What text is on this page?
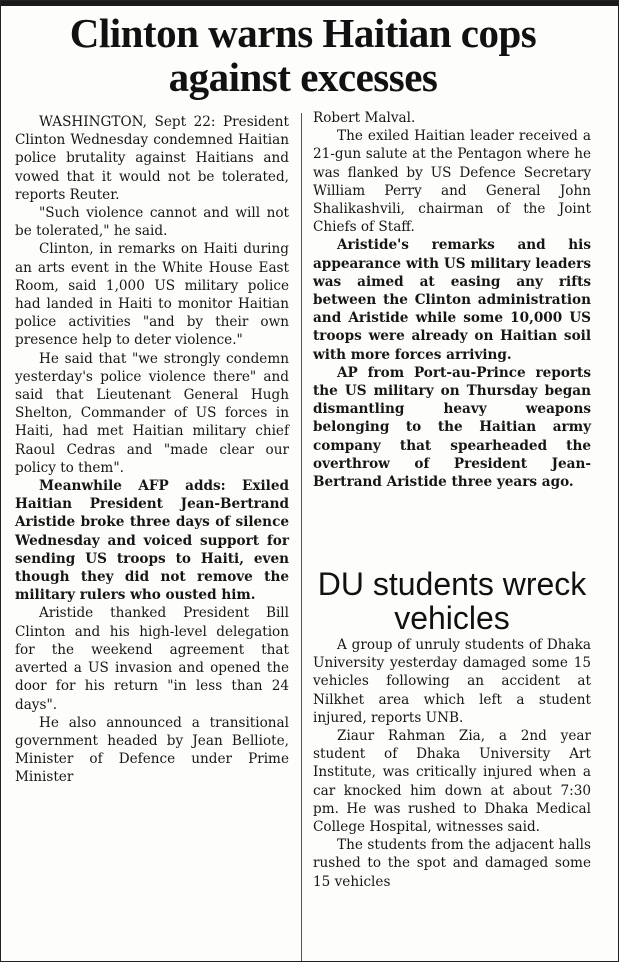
Clinton warns Haitian cops against excesses

WASHINGTON, Sept 22: President Clinton Wednesday condemned Haitian police brutality against Haitians and vowed that it would not be tolerated, reports Reuter.

"Such violence cannot and will not be tolerated," he said.

Clinton, in remarks on Haiti during an arts event in the White House East Room, said 1,000 US military police had landed in Haiti to monitor Haitian police activities "and by their own presence help to deter violence."

He said that "we strongly condemn yesterday's police violence there" and said that Lieutenant General Hugh Shelton, Commander of US forces in Haiti, had met Haitian military chief Raoul Cedras and "made clear our policy to them".

Meanwhile AFP adds: Exiled Haitian President Jean-Bertrand Aristide broke three days of silence Wednesday and voiced support for sending US troops to Haiti, even though they did not remove the military rulers who ousted him.

Aristide thanked President Bill Clinton and his high-level delegation for the weekend agreement that averted a US invasion and opened the door for his return "in less than 24 days".

He also announced a transitional government headed by Jean Belliote, Minister of Defence under Prime Minister

Robert Malval.

The exiled Haitian leader received a 21-gun salute at the Pentagon where he was flanked by US Defence Secretary William Perry and General John Shalikashvili, chairman of the Joint Chiefs of Staff.

Aristide's remarks and his appearance with US military leaders was aimed at easing any rifts between the Clinton administration and Aristide while some 10,000 US troops were already on Haitian soil with more forces arriving.

AP from Port-au-Prince reports the US military on Thursday began dismantling heavy weapons belonging to the Haitian army company that spearheaded the overthrow of President Jean-Bertrand Aristide three years ago.

DU students wreck vehicles

A group of unruly students of Dhaka University yesterday damaged some 15 vehicles following an accident at Nilkhet area which left a student injured, reports UNB.

Ziaur Rahman Zia, a 2nd year student of Dhaka University Art Institute, was critically injured when a car knocked him down at about 7:30 pm. He was rushed to Dhaka Medical College Hospital, witnesses said.

The students from the adjacent halls rushed to the spot and damaged some 15 vehicles
